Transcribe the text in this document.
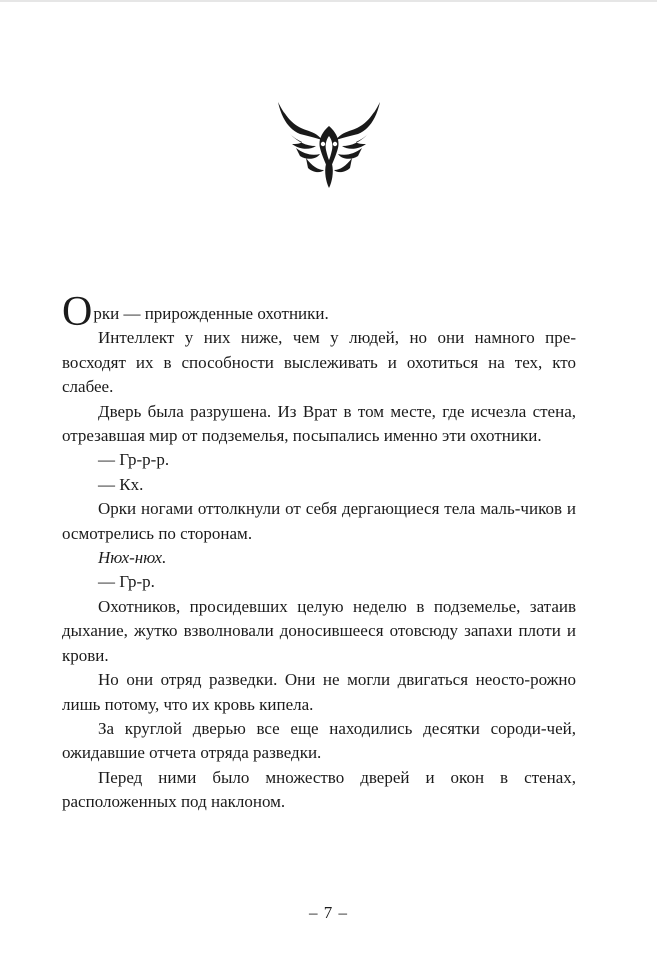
Орки — прирожденные охотники.

Интеллект у них ниже, чем у людей, но они намного пре-восходят их в способности выслеживать и охотиться на тех, кто слабее.

Дверь была разрушена. Из Врат в том месте, где исчезла стена, отрезавшая мир от подземелья, посыпались именно эти охотники.

— Гр-р-р.

— Кх.

Орки ногами оттолкнули от себя дергающиеся тела маль-чиков и осмотрелись по сторонам.

Нюх-нюх.

— Гр-р.

Охотников, просидевших целую неделю в подземелье, затаив дыхание, жутко взволновали доносившееся отовсюду запахи плоти и крови.

Но они отряд разведки. Они не могли двигаться неосто-рожно лишь потому, что их кровь кипела.

За круглой дверью все еще находились десятки сороди-чей, ожидавшие отчета отряда разведки.

Перед ними было множество дверей и окон в стенах, расположенных под наклоном.

– 7 –
